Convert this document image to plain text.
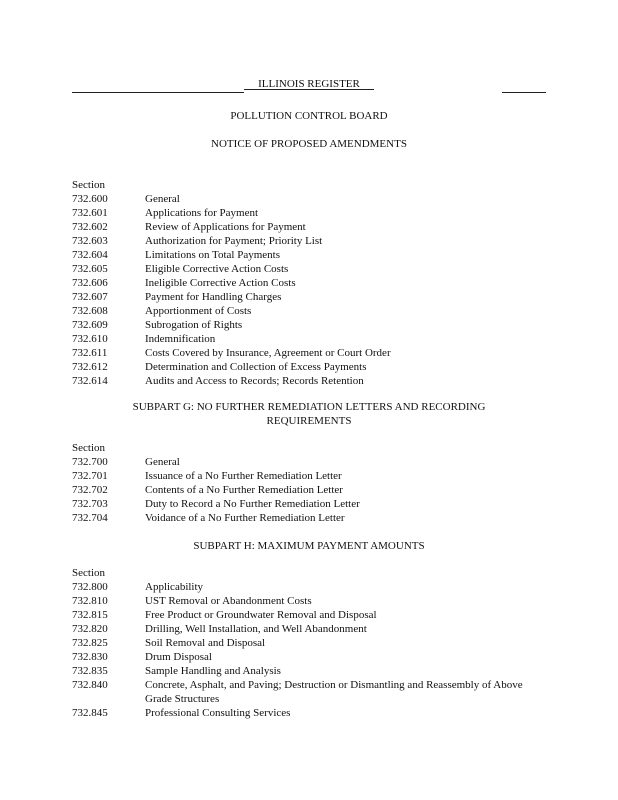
ILLINOIS REGISTER
POLLUTION CONTROL BOARD
NOTICE OF PROPOSED AMENDMENTS
Section
732.600	General
732.601	Applications for Payment
732.602	Review of Applications for Payment
732.603	Authorization for Payment; Priority List
732.604	Limitations on Total Payments
732.605	Eligible Corrective Action Costs
732.606	Ineligible Corrective Action Costs
732.607	Payment for Handling Charges
732.608	Apportionment of Costs
732.609	Subrogation of Rights
732.610	Indemnification
732.611	Costs Covered by Insurance, Agreement or Court Order
732.612	Determination and Collection of Excess Payments
732.614	Audits and Access to Records; Records Retention
SUBPART G: NO FURTHER REMEDIATION LETTERS AND RECORDING
REQUIREMENTS
Section
732.700	General
732.701	Issuance of a No Further Remediation Letter
732.702	Contents of a No Further Remediation Letter
732.703	Duty to Record a No Further Remediation Letter
732.704	Voidance of a No Further Remediation Letter
SUBPART H: MAXIMUM PAYMENT AMOUNTS
Section
732.800	Applicability
732.810	UST Removal or Abandonment Costs
732.815	Free Product or Groundwater Removal and Disposal
732.820	Drilling, Well Installation, and Well Abandonment
732.825	Soil Removal and Disposal
732.830	Drum Disposal
732.835	Sample Handling and Analysis
732.840	Concrete, Asphalt, and Paving; Destruction or Dismantling and Reassembly of Above Grade Structures
732.845	Professional Consulting Services
